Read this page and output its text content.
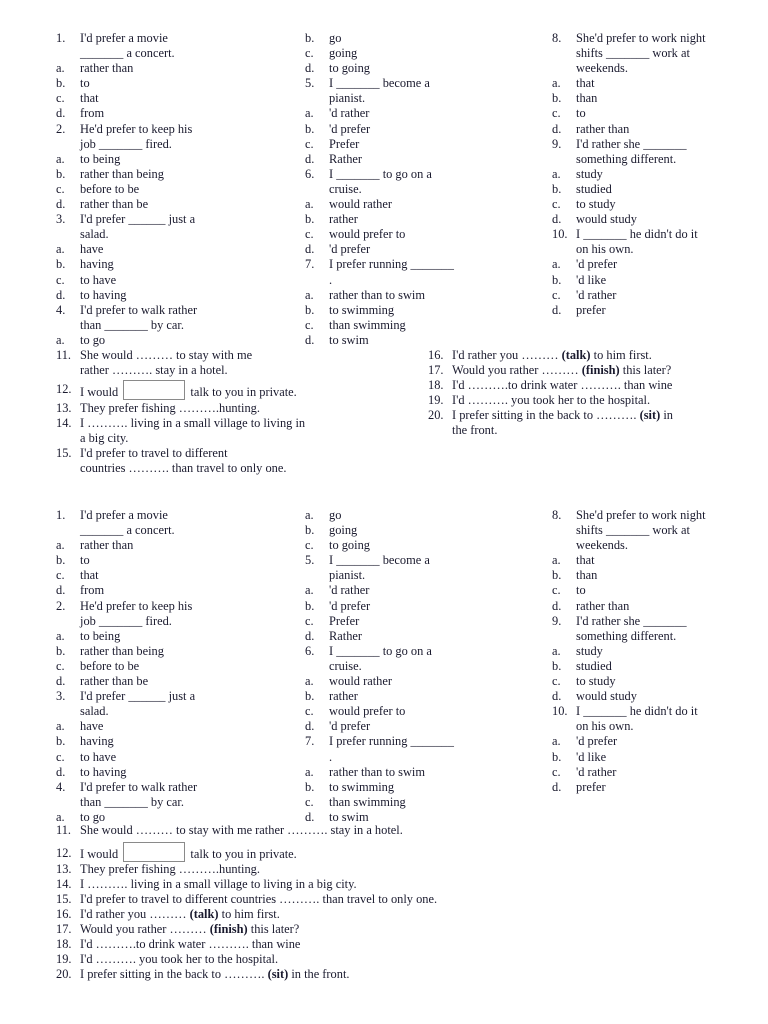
1.	I'd prefer a movie
_______ a concert.
a.	rather than
b.	to
c.	that
d.	from
2.	He'd prefer to keep his
job _______ fired.
a.	to being
b.	rather than being
c.	before to be
d.	rather than be
3.	I'd prefer ______ just a
salad.
a.	have
b.	having
c.	to have
d.	to having
4.	I'd prefer to walk rather
than _______ by car.
a.	to go
b.	go
c.	going
d.	to going
5.	I _______ become a
pianist.
a.	'd rather
b.	'd prefer
c.	Prefer
d.	Rather
6.	I _______ to go on a
cruise.
a.	would rather
b.	rather
c.	would prefer to
d.	'd prefer
7.	I prefer running _______
.
a.	rather than to swim
b.	to swimming
c.	than swimming
d.	to swim
8.	She'd prefer to work night
shifts _______ work at
weekends.
a.	that
b.	than
c.	to
d.	rather than
9.	I'd rather she _______
something different.
a.	study
b.	studied
c.	to study
d.	would study
10. I _______ he didn't do it
on his own.
a.	'd prefer
b.	'd like
c.	'd rather
d.	prefer
11. She would ……… to stay with me
rather ………. stay in a hotel.
12. I would	talk to you in private.
13. They prefer fishing ……….hunting.
14. I ………. living in a small village to living in
a big city.
15. I'd prefer to travel to different
countries ………. than travel to only one.
16. I'd rather you ……… (talk) to him first.
17. Would you rather ……… (finish) this later?
18. I'd ……….to drink water ………. than wine
19. I'd ………. you took her to the hospital.
20. I prefer sitting in the back to ………. (sit) in
the front.
1.	I'd prefer a movie
_______ a concert.
a.	rather than
b.	to
c.	that
d.	from
2.	He'd prefer to keep his
job _______ fired.
a.	to being
b.	rather than being
c.	before to be
d.	rather than be
3.	I'd prefer ______ just a
salad.
a.	have
b.	having
c.	to have
d.	to having
4.	I'd prefer to walk rather
than _______ by car.
a.	to go
a.	go
b.	going
c.	to going
5.	I _______ become a
pianist.
a.	'd rather
b.	'd prefer
c.	Prefer
d.	Rather
6.	I _______ to go on a
cruise.
a.	would rather
b.	rather
c.	would prefer to
d.	'd prefer
7.	I prefer running _______
.
a.	rather than to swim
b.	to swimming
c.	than swimming
d.	to swim
8.	She'd prefer to work night
shifts _______ work at
weekends.
a.	that
b.	than
c.	to
d.	rather than
9.	I'd rather she _______
something different.
a.	study
b.	studied
c.	to study
d.	would study
10. I _______ he didn't do it
on his own.
a.	'd prefer
b.	'd like
c.	'd rather
d.	prefer
11. She would ……… to stay with me rather ………. stay in a hotel.
12. I would	talk to you in private.
13. They prefer fishing ……….hunting.
14. I ………. living in a small village to living in a big city.
15. I'd prefer to travel to different countries ………. than travel to only one.
16. I'd rather you ……… (talk) to him first.
17. Would you rather ……… (finish) this later?
18. I'd ……….to drink water ………. than wine
19. I'd ………. you took her to the hospital.
20. I prefer sitting in the back to ………. (sit) in the front.
